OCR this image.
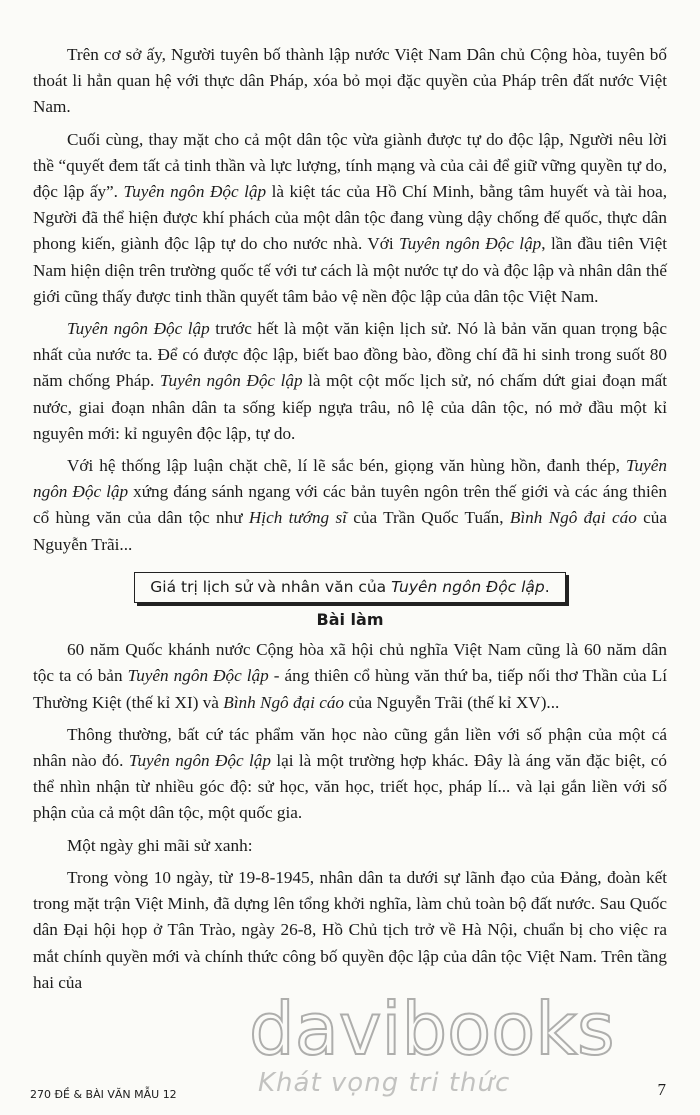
Trên cơ sở ấy, Người tuyên bố thành lập nước Việt Nam Dân chủ Cộng hòa, tuyên bố thoát li hẳn quan hệ với thực dân Pháp, xóa bỏ mọi đặc quyền của Pháp trên đất nước Việt Nam.

Cuối cùng, thay mặt cho cả một dân tộc vừa giành được tự do độc lập, Người nêu lời thề “quyết đem tất cả tinh thần và lực lượng, tính mạng và của cải để giữ vững quyền tự do, độc lập ấy”. Tuyên ngôn Độc lập là kiệt tác của Hồ Chí Minh, bằng tâm huyết và tài hoa, Người đã thể hiện được khí phách của một dân tộc đang vùng dậy chống đế quốc, thực dân phong kiến, giành độc lập tự do cho nước nhà. Với Tuyên ngôn Độc lập, lần đầu tiên Việt Nam hiện diện trên trường quốc tế với tư cách là một nước tự do và độc lập và nhân dân thế giới cũng thấy được tinh thần quyết tâm bảo vệ nền độc lập của dân tộc Việt Nam.

Tuyên ngôn Độc lập trước hết là một văn kiện lịch sử. Nó là bản văn quan trọng bậc nhất của nước ta. Để có được độc lập, biết bao đồng bào, đồng chí đã hi sinh trong suốt 80 năm chống Pháp. Tuyên ngôn Độc lập là một cột mốc lịch sử, nó chấm dứt giai đoạn mất nước, giai đoạn nhân dân ta sống kiếp ngựa trâu, nô lệ của dân tộc, nó mở đầu một kỉ nguyên mới: kỉ nguyên độc lập, tự do.

Với hệ thống lập luận chặt chẽ, lí lẽ sắc bén, giọng văn hùng hồn, đanh thép, Tuyên ngôn Độc lập xứng đáng sánh ngang với các bản tuyên ngôn trên thế giới và các áng thiên cổ hùng văn của dân tộc như Hịch tướng sĩ của Trần Quốc Tuấn, Bình Ngô đại cáo của Nguyễn Trãi...

Giá trị lịch sử và nhân văn của Tuyên ngôn Độc lập.
Bài làm

60 năm Quốc khánh nước Cộng hòa xã hội chủ nghĩa Việt Nam cũng là 60 năm dân tộc ta có bản Tuyên ngôn Độc lập - áng thiên cổ hùng văn thứ ba, tiếp nối thơ Thần của Lí Thường Kiệt (thế kỉ XI) và Bình Ngô đại cáo của Nguyễn Trãi (thế kỉ XV)...

Thông thường, bất cứ tác phẩm văn học nào cũng gắn liền với số phận của một cá nhân nào đó. Tuyên ngôn Độc lập lại là một trường hợp khác. Đây là áng văn đặc biệt, có thể nhìn nhận từ nhiều góc độ: sử học, văn học, triết học, pháp lí... và lại gắn liền với số phận của cả một dân tộc, một quốc gia.

Một ngày ghi mãi sử xanh:

Trong vòng 10 ngày, từ 19-8-1945, nhân dân ta dưới sự lãnh đạo của Đảng, đoàn kết trong mặt trận Việt Minh, đã dựng lên tổng khởi nghĩa, làm chủ toàn bộ đất nước. Sau Quốc dân Đại hội họp ở Tân Trào, ngày 26-8, Hồ Chủ tịch trở về Hà Nội, chuẩn bị cho việc ra mắt chính quyền mới và chính thức công bố quyền độc lập của dân tộc Việt Nam. Trên tầng hai của

davibooks
Khát vọng tri thức
270 ĐỀ & BÀI VĂN MẪU 12	7
